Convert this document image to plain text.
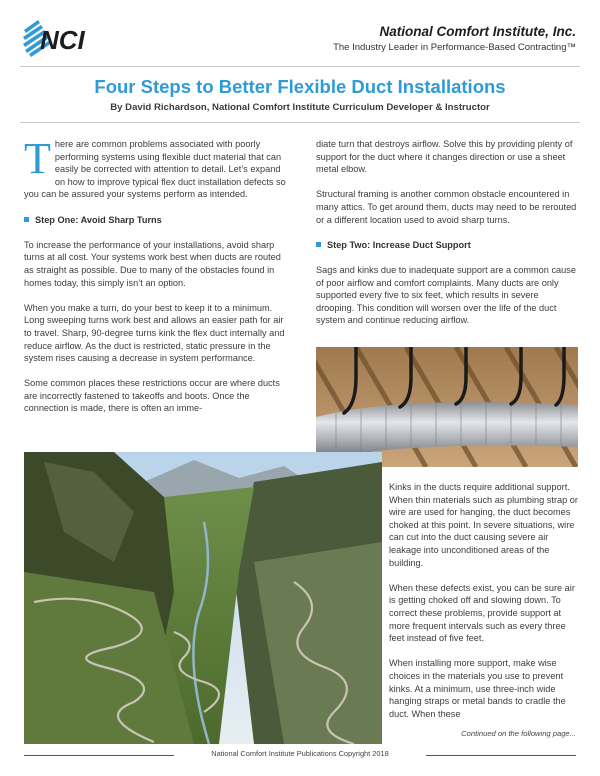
NCI	National Comfort Institute, Inc.
The Industry Leader in Performance-Based Contracting™
Four Steps to Better Flexible Duct Installations
By David Richardson, National Comfort Institute Curriculum Developer & Instructor

There are common problems associated with poorly performing systems using flexible duct material that can easily be corrected with attention to detail. Let’s expand on how to improve typical flex duct installation defects so you can be assured your systems perform as intended.

Step One: Avoid Sharp Turns

To increase the performance of your installations, avoid sharp turns at all cost. Your systems work best when ducts are routed as straight as possible. Due to many of the obstacles found in homes today, this simply isn’t an option.

When you make a turn, do your best to keep it to a minimum. Long sweeping turns work best and allows an easier path for air to travel. Sharp, 90-degree turns kink the flex duct internally and reduce airflow. As the duct is restricted, static pressure in the system rises causing a decrease in system performance.

Some common places these restrictions occur are where ducts are incorrectly fastened to takeoffs and boots. Once the connection is made, there is often an imme-

diate turn that destroys airflow. Solve this by providing plenty of support for the duct where it changes direction or use a sheet metal elbow.

Structural framing is another common obstacle encountered in many attics. To get around them, ducts may need to be rerouted or a different location used to avoid sharp turns.

Step Two: Increase Duct Support

Sags and kinks due to inadequate support are a common cause of poor airflow and comfort complaints. Many ducts are only supported every five to six feet, which results in severe drooping. This condition will worsen over the life of the duct system and continue reducing airflow.

Kinks in the ducts require additional support. When thin materials such as plumbing strap or wire are used for hanging, the duct becomes choked at this point. In severe situations, wire can cut into the duct causing severe air leakage into unconditioned areas of the building.

When these defects exist, you can be sure air is getting choked off and slowing down. To correct these problems, provide support at more frequent intervals such as every three feet instead of five feet.

When installing more support, make wise choices in the materials you use to prevent kinks. At a minimum, use three-inch wide hanging straps or metal bands to cradle the duct. When these

Continued on the following page...
National Comfort Institute Publications Copyright 2018
